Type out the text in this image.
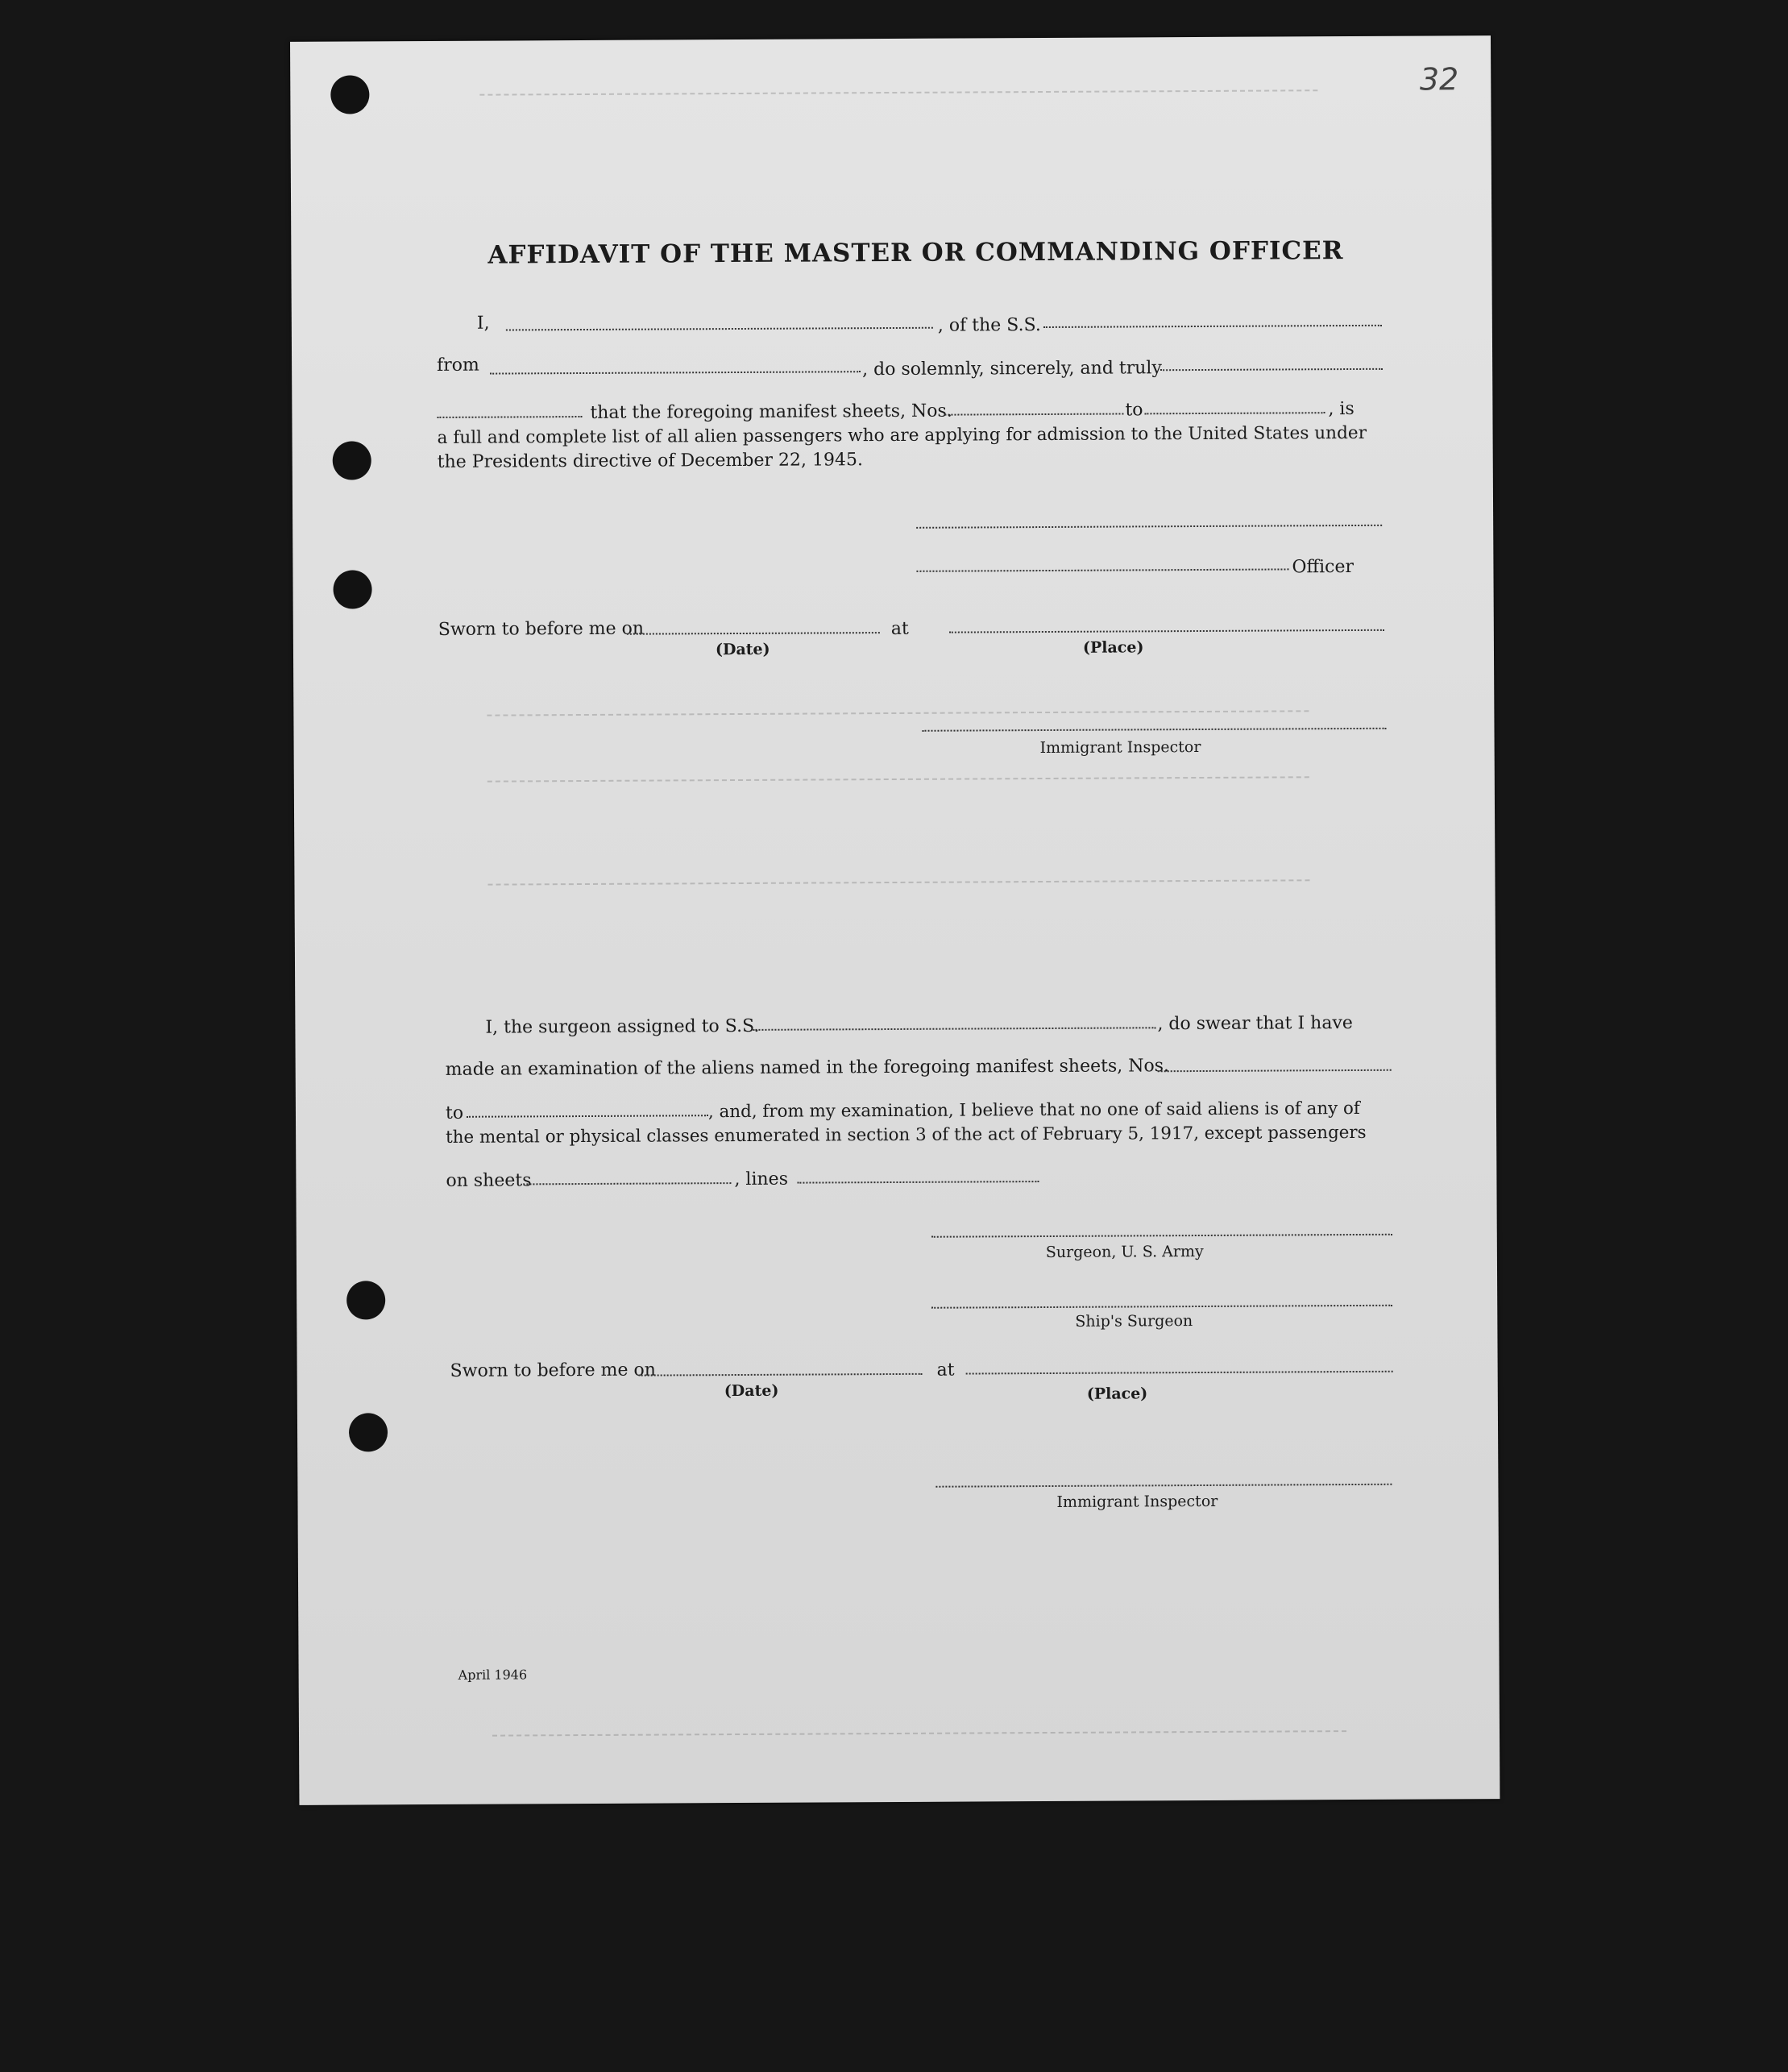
32
AFFIDAVIT OF THE MASTER OR COMMANDING OFFICER
I,	, of the S.S.
from	, do solemnly, sincerely, and truly
that the foregoing manifest sheets, Nos.	to	, is
a full and complete list of all alien passengers who are applying for admission to the United States under
the Presidents directive of December 22, 1945.
Officer
Sworn to before me on	at
(Date)	(Place)
Immigrant Inspector
I, the surgeon assigned to S.S.	, do swear that I have
made an examination of the aliens named in the foregoing manifest sheets, Nos.
to	, and, from my examination, I believe that no one of said aliens is of any of
the mental or physical classes enumerated in section 3 of the act of February 5, 1917, except passengers
on sheets	, lines
Surgeon, U. S. Army
Ship's Surgeon
Sworn to before me on	at
(Date)	(Place)
Immigrant Inspector
April 1946
